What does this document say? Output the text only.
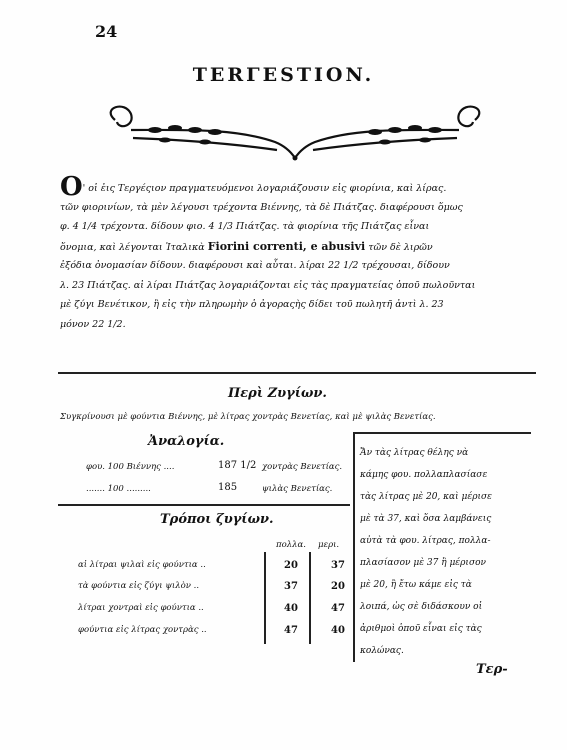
24
TERΓESTION.
O' οἱ ἐις Τεργέςιον πραγματευόμενοι λογαριάζουσιν εἰς φιορίνια, καὶ λίρας.
τῶν φιορινίων, τὰ μὲν λέγουσι τρέχοντα Βιέννης, τὰ δὲ Πιάτζας. διαφέρουσι ὅμως
φ. 4 1/4 τρέχοντα. δίδουν φιο. 4 1/3 Πιάτζας. τὰ φιορίνια τῆς Πιάτζας εἶναι
ὅνομια, καὶ λέγονται Ἰταλικὰ Fiorini correnti, e abusivi τῶν δὲ λιρῶν
ἐξόδια ὀνομασίαν δίδουν. διαφέρουσι καὶ αὗται. λίραι 22 1/2 τρέχουσαι, δίδουν
λ. 23 Πιάτζας. αἱ λίραι Πιάτζας λογαριάζονται εἰς τὰς πραγματείας ὁποῦ πωλοῦνται
μὲ ζύγι Βενέτικον, ἢ εἰς τὴν πληρωμὴν ὁ ἀγοραςὴς δίδει τοῦ πωλητῆ ἀντὶ λ. 23
μόνον 22 1/2.
Περὶ Ζυγίων.
Συγκρίνουσι μὲ φούντια Βιέννης, μὲ λίτρας χοντρὰς Βενετίας, καὶ μὲ ψιλὰς Βενετίας.
Ἀναλογία.
φου. 100 Βιέννης ....	187 1/2 χοντρὰς Βενετίας.
....... 100 .........	185	ψιλὰς Βενετίας.
Τρόποι ζυγίων.
πολλα. μερι.
αἱ λίτραι ψιλαὶ εἰς φούντια ..	20	37
τὰ φούντια εἰς ζύγι ψιλὸν ..	37	20
λίτραι χοντραὶ εἰς φούντια ..	40	47
φούντια εἰς λίτρας χοντρὰς ..	47	40
Ἄν τὰς λίτρας θέλης νὰ
κάμης φου. πολλαπλασίασε
τὰς λίτρας μὲ 20, καὶ μέρισε
μὲ τὰ 37, καὶ ὅσα λαμβάνεις
αὐτὰ τὰ φου. λίτρας, πολλα-
πλασίασον μὲ 37 ἢ μέρισον
μὲ 20, ἢ ἔτω κάμε εἰς τὰ
λοιπά, ὡς σὲ διδάσκουν οἱ
ἀριθμοὶ ὁποῦ εἶναι εἰς τὰς
κολώνας.
Τερ-
